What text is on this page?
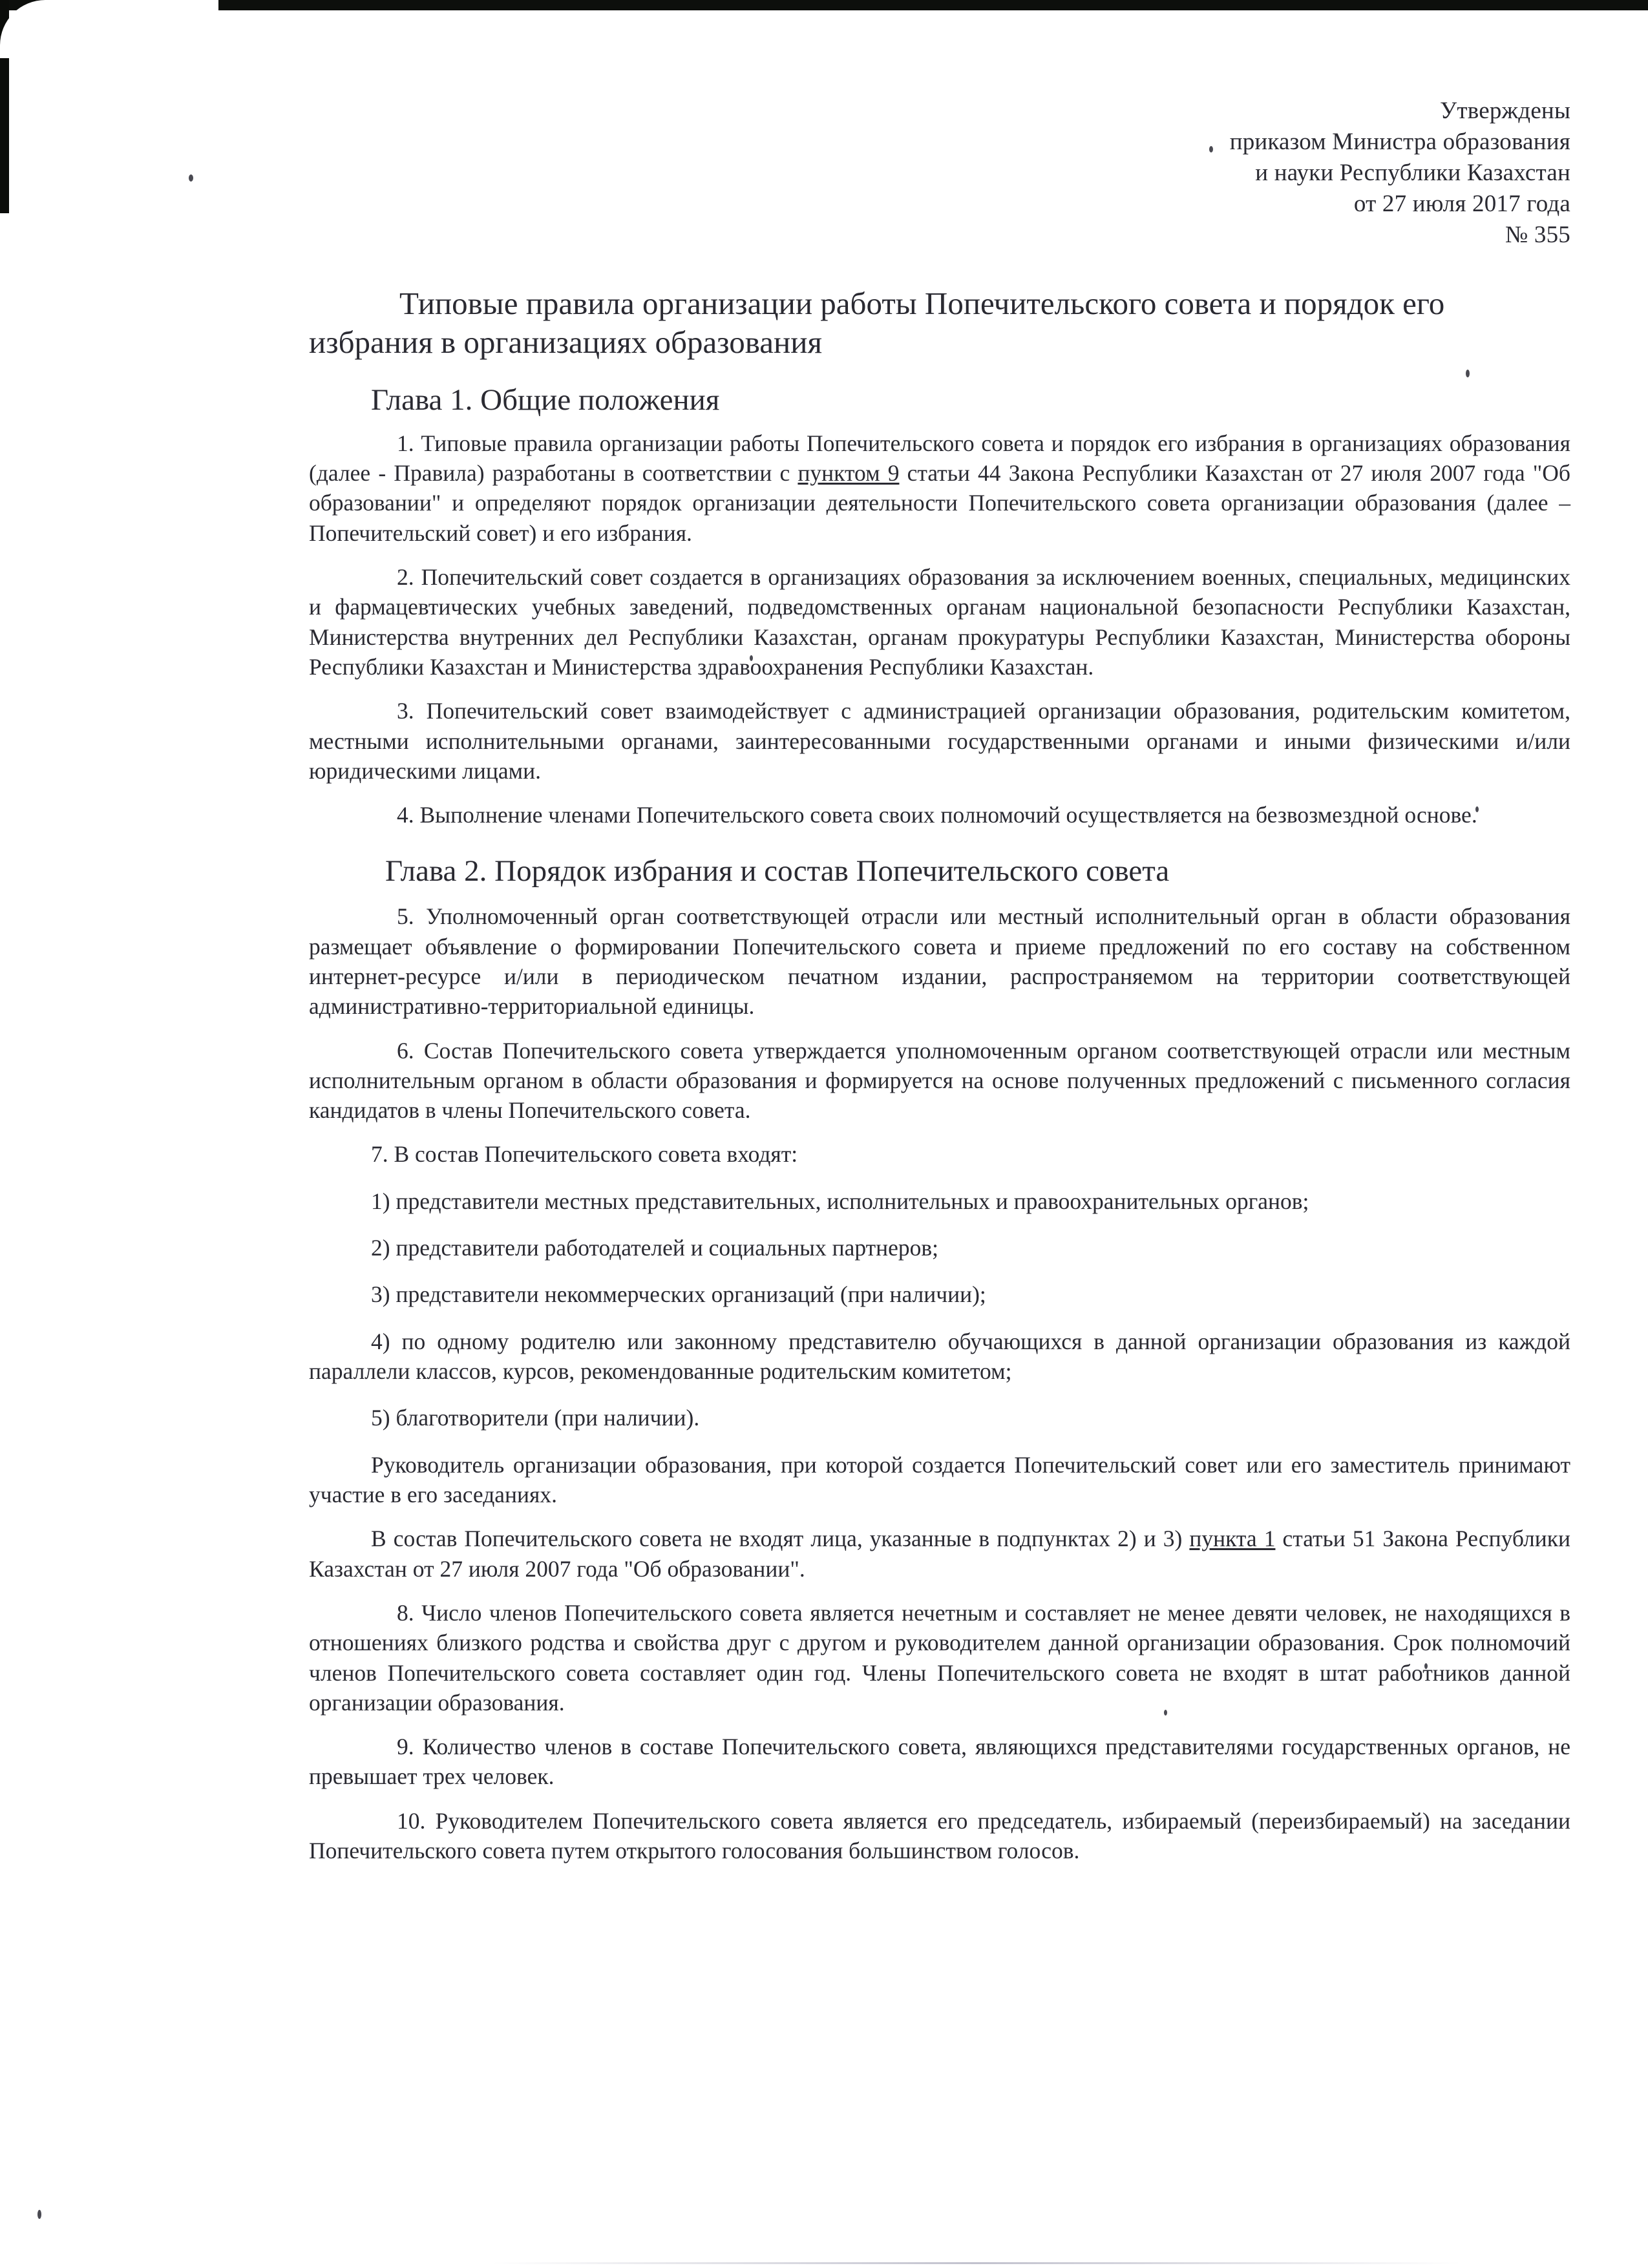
Утверждены
приказом Министра образования
и науки Республики Казахстан
от 27 июля 2017 года
№ 355
Типовые правила организации работы Попечительского совета и порядок его избрания в организациях образования
Глава 1. Общие положения

1. Типовые правила организации работы Попечительского совета и порядок его избрания в организациях образования (далее - Правила) разработаны в соответствии с пунктом 9 статьи 44 Закона Республики Казахстан от 27 июля 2007 года "Об образовании" и определяют порядок организации деятельности Попечительского совета организации образования (далее – Попечительский совет) и его избрания.

2. Попечительский совет создается в организациях образования за исключением военных, специальных, медицинских и фармацевтических учебных заведений, подведомственных органам национальной безопасности Республики Казахстан, Министерства внутренних дел Республики Казахстан, органам прокуратуры Республики Казахстан, Министерства обороны Республики Казахстан и Министерства здравоохранения Республики Казахстан.

3. Попечительский совет взаимодействует с администрацией организации образования, родительским комитетом, местными исполнительными органами, заинтересованными государственными органами и иными физическими и/или юридическими лицами.

4. Выполнение членами Попечительского совета своих полномочий осуществляется на безвозмездной основе.

Глава 2. Порядок избрания и состав Попечительского совета

5. Уполномоченный орган соответствующей отрасли или местный исполнительный орган в области образования размещает объявление о формировании Попечительского совета и приеме предложений по его составу на собственном интернет-ресурсе и/или в периодическом печатном издании, распространяемом на территории соответствующей административно-территориальной единицы.

6. Состав Попечительского совета утверждается уполномоченным органом соответствующей отрасли или местным исполнительным органом в области образования и формируется на основе полученных предложений с письменного согласия кандидатов в члены Попечительского совета.

7. В состав Попечительского совета входят:

1) представители местных представительных, исполнительных и правоохранительных органов;

2) представители работодателей и социальных партнеров;

3) представители некоммерческих организаций (при наличии);

4) по одному родителю или законному представителю обучающихся в данной организации образования из каждой параллели классов, курсов, рекомендованные родительским комитетом;

5) благотворители (при наличии).

Руководитель организации образования, при которой создается Попечительский совет или его заместитель принимают участие в его заседаниях.

В состав Попечительского совета не входят лица, указанные в подпунктах 2) и 3) пункта 1 статьи 51 Закона Республики Казахстан от 27 июля 2007 года "Об образовании".

8. Число членов Попечительского совета является нечетным и составляет не менее девяти человек, не находящихся в отношениях близкого родства и свойства друг с другом и руководителем данной организации образования. Срок полномочий членов Попечительского совета составляет один год. Члены Попечительского совета не входят в штат работников данной организации образования.

9. Количество членов в составе Попечительского совета, являющихся представителями государственных органов, не превышает трех человек.

10. Руководителем Попечительского совета является его председатель, избираемый (переизбираемый) на заседании Попечительского совета путем открытого голосования большинством голосов.
